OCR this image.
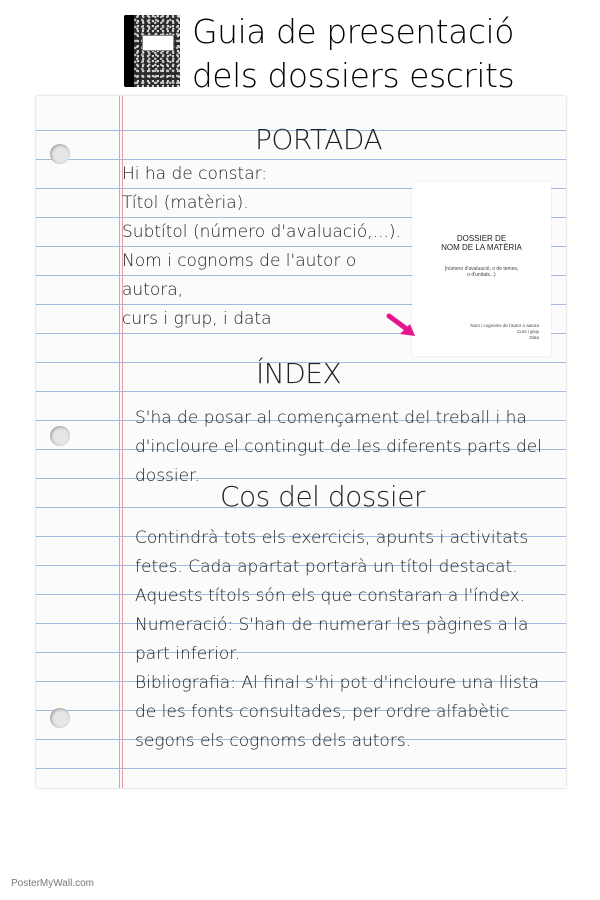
Guia de presentació
dels dossiers escrits
PORTADA
Hi ha de constar:
Títol (matèria).
Subtítol (número d'avaluació,...).
Nom i cognoms de l'autor o
autora,
curs i grup, i data
DOSSIER DE
NOM DE LA MATÈRIA
(número d'avaluació, o de temes,
o d'unitats...)
Nom i cognoms de l'autor o autora
Curs i grup
Data
ÍNDEX
S'ha de posar al començament del treball i ha d'incloure el contingut de les diferents parts del dossier.
Cos del dossier

Contindrà tots els exercicis, apunts i activitats fetes. Cada apartat portarà un títol destacat. Aquests títols són els que constaran a l'índex.

Numeració: S'han de numerar les pàgines a la part inferior.

Bibliografia: Al final s'hi pot d'incloure una llista de les fonts consultades, per ordre alfabètic segons els cognoms dels autors.

PosterMyWall.com
